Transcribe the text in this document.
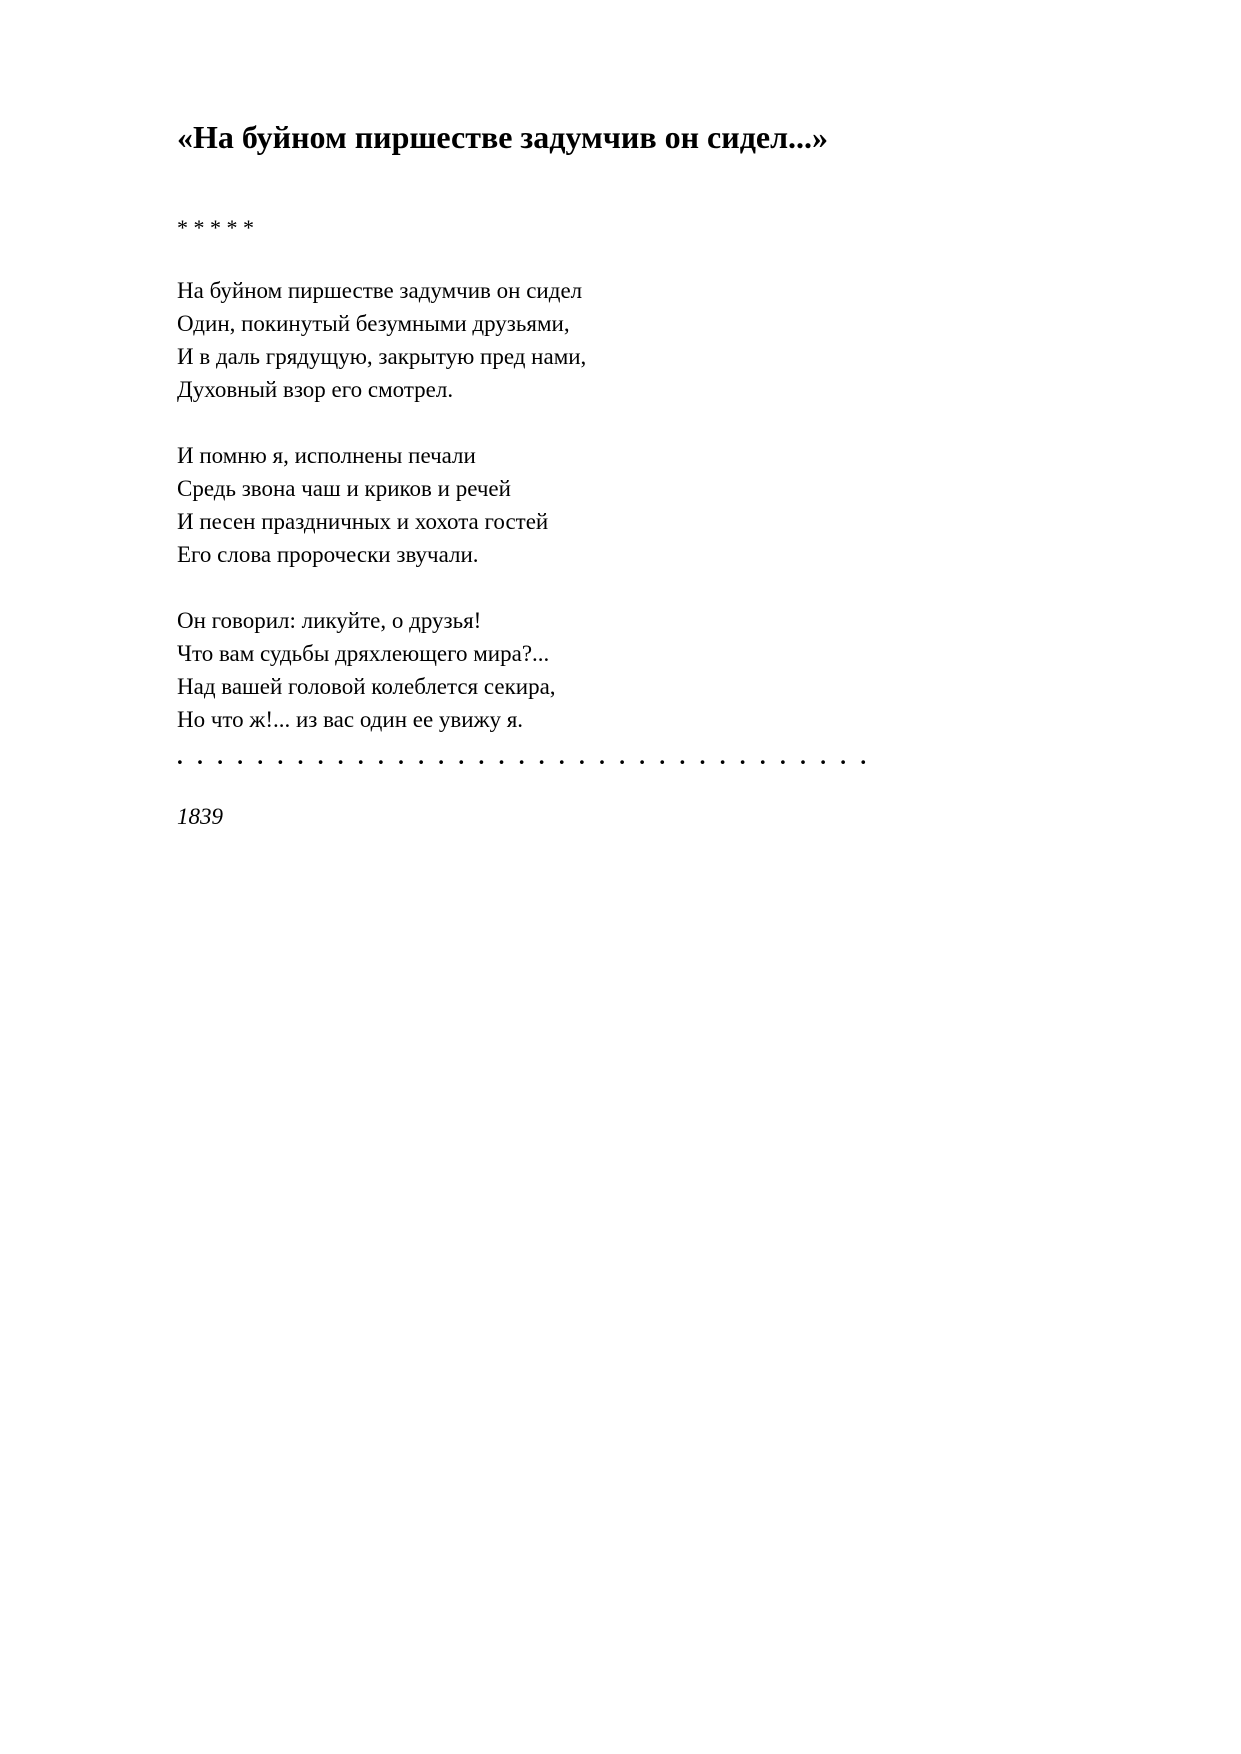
«На буйном пиршестве задумчив он сидел...»
* * * * *
На буйном пиршестве задумчив он сидел
Один, покинутый безумными друзьями,
И в даль грядущую, закрытую пред нами,
Духовный взор его смотрел.
И помню я, исполнены печали
Средь звона чаш и криков и речей
И песен праздничных и хохота гостей
Его слова пророчески звучали.
Он говорил: ликуйте, о друзья!
Что вам судьбы дряхлеющего мира?...
Над вашей головой колеблется секира,
Но что ж!... из вас один ее увижу я.
. . . . . . . . . . . . . . . . . . . . . . . . . . . . . . . . . . .
1839
